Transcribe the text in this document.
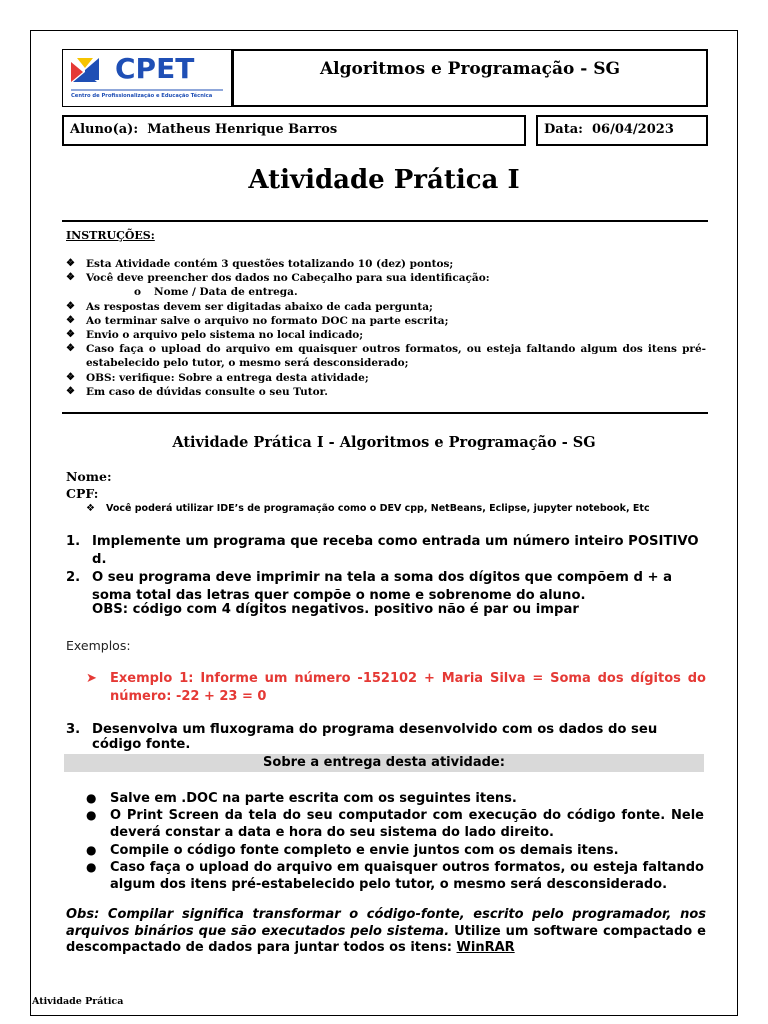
CPET
Centro de Profissionalização e Educação Técnica
Algoritmos e Programação - SG
Aluno(a): Matheus Henrique Barros	Data: 06/04/2023
Atividade Prática I
INSTRUÇÕES:
❖	Esta Atividade contém 3 questões totalizando 10 (dez) pontos;
❖	Você deve preencher dos dados no Cabeçalho para sua identificação:
o	Nome / Data de entrega.
❖	As respostas devem ser digitadas abaixo de cada pergunta;
❖	Ao terminar salve o arquivo no formato DOC na parte escrita;
❖	Envio o arquivo pelo sistema no local indicado;
❖	Caso faça o upload do arquivo em quaisquer outros formatos, ou esteja faltando algum dos itens pré-estabelecido pelo tutor, o mesmo será desconsiderado;
❖	OBS: verifique: Sobre a entrega desta atividade;
❖	Em caso de dúvidas consulte o seu Tutor.
Atividade Prática I - Algoritmos e Programação - SG
Nome:
CPF:
❖	Você poderá utilizar IDE’s de programação como o DEV cpp, NetBeans, Eclipse, jupyter notebook, Etc
1. Implemente um programa que receba como entrada um número inteiro POSITIVO d.
2. O seu programa deve imprimir na tela a soma dos dígitos que compõem d + a soma total das letras quer compõe o nome e sobrenome do aluno.
OBS: código com 4 dígitos negativos. positivo não é par ou impar
Exemplos:
➤	Exemplo 1: Informe um número -152102 + Maria Silva = Soma dos dígitos do número: -22 + 23 = 0
3. Desenvolva um fluxograma do programa desenvolvido com os dados do seu código fonte.
Sobre a entrega desta atividade:
●	Salve em .DOC na parte escrita com os seguintes itens.
●	O Print Screen da tela do seu computador com execução do código fonte. Nele deverá constar a data e hora do seu sistema do lado direito.
●	Compile o código fonte completo e envie juntos com os demais itens.
●	Caso faça o upload do arquivo em quaisquer outros formatos, ou esteja faltando algum dos itens pré-estabelecido pelo tutor, o mesmo será desconsiderado.
Obs: Compilar significa transformar o código-fonte, escrito pelo programador, nos arquivos binários que são executados pelo sistema. Utilize um software compactado e descompactado de dados para juntar todos os itens: WinRAR
Atividade Prática
